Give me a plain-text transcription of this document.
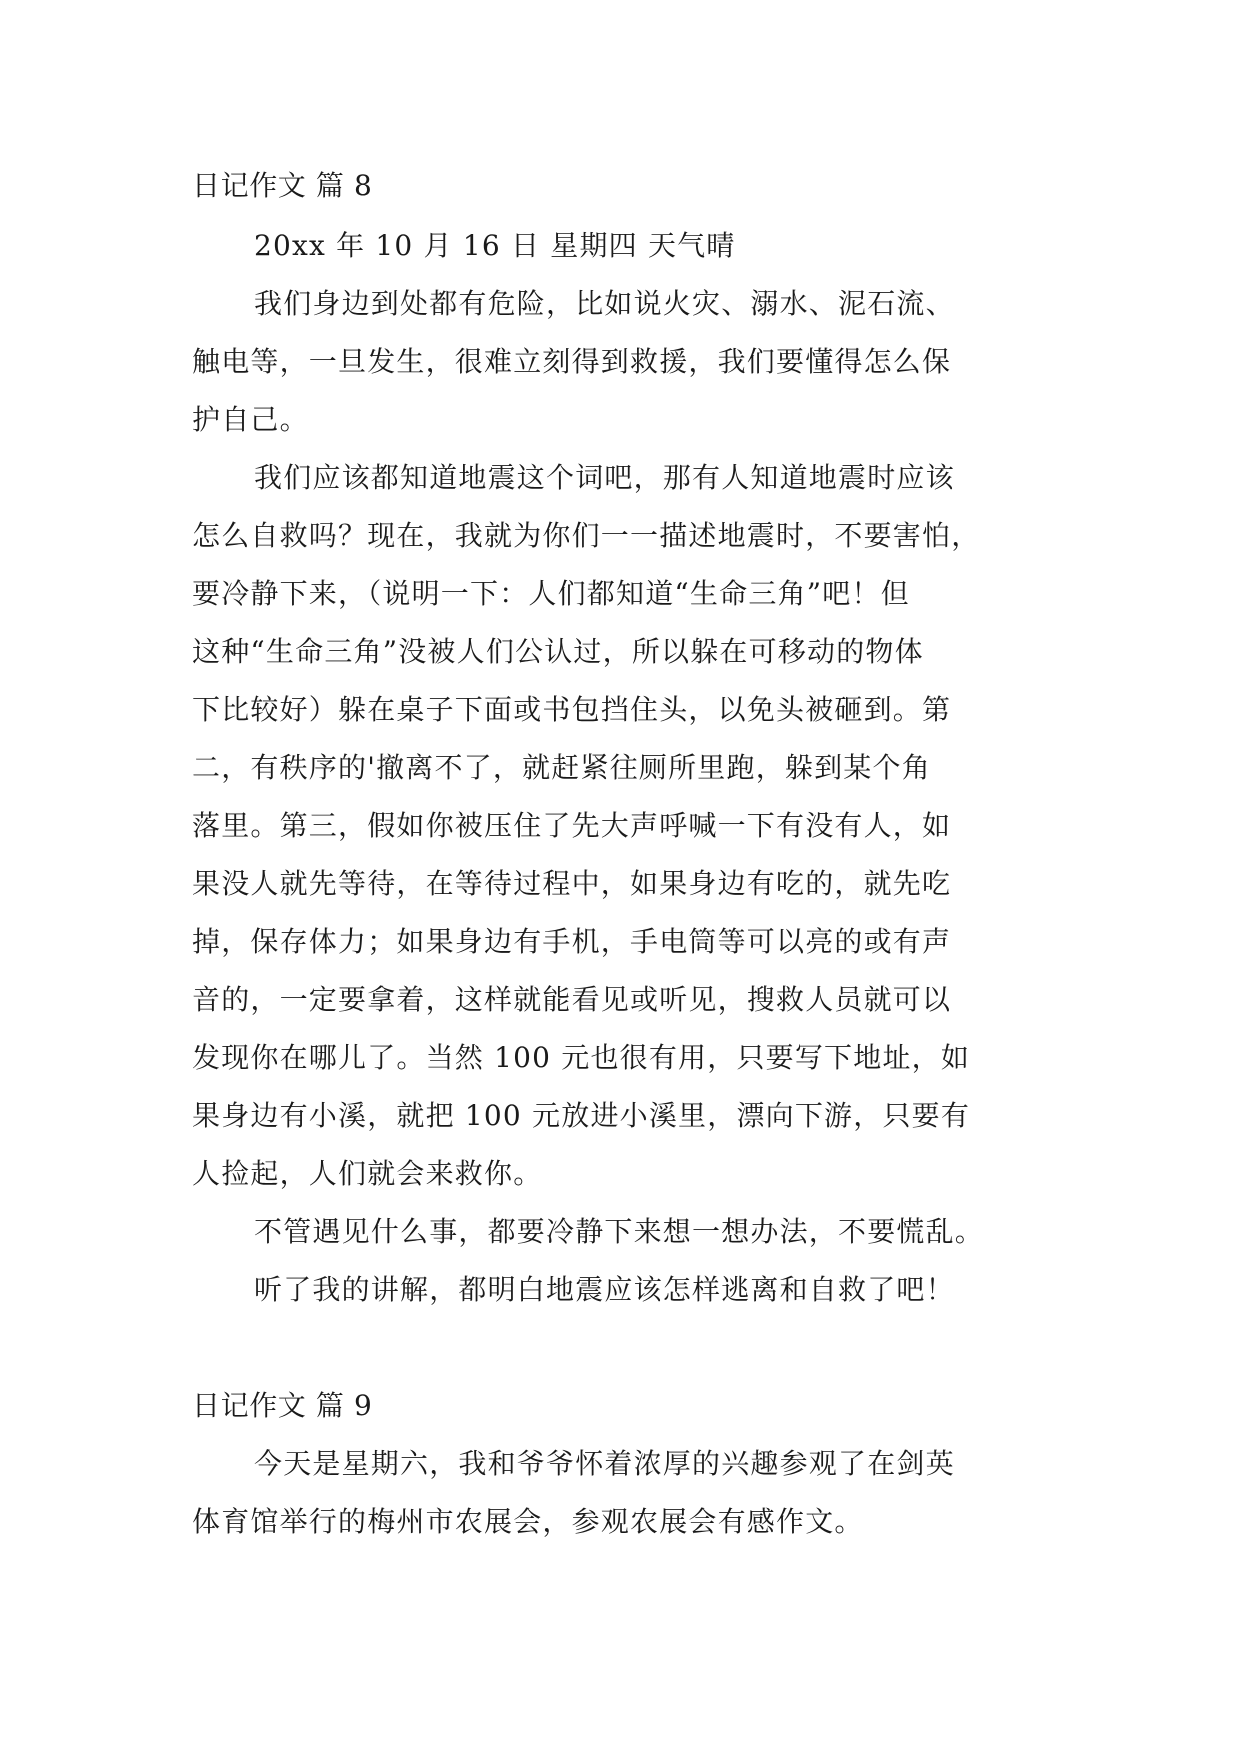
日记作文 篇 8
20xx 年 10 月 16 日 星期四 天气晴
我们身边到处都有危险，比如说火灾、溺水、泥石流、
触电等，一旦发生，很难立刻得到救援，我们要懂得怎么保
护自己。
我们应该都知道地震这个词吧，那有人知道地震时应该
怎么自救吗？现在，我就为你们一一描述地震时，不要害怕，
要冷静下来，（说明一下：人们都知道“生命三角”吧！但
这种“生命三角”没被人们公认过，所以躲在可移动的物体
下比较好）躲在桌子下面或书包挡住头，以免头被砸到。第
二，有秩序的'撤离不了，就赶紧往厕所里跑，躲到某个角
落里。第三，假如你被压住了先大声呼喊一下有没有人，如
果没人就先等待，在等待过程中，如果身边有吃的，就先吃
掉，保存体力；如果身边有手机，手电筒等可以亮的或有声
音的，一定要拿着，这样就能看见或听见，搜救人员就可以
发现你在哪儿了。当然 100 元也很有用，只要写下地址，如
果身边有小溪，就把 100 元放进小溪里，漂向下游，只要有
人捡起，人们就会来救你。
不管遇见什么事，都要冷静下来想一想办法，不要慌乱。
听了我的讲解，都明白地震应该怎样逃离和自救了吧！
日记作文 篇 9
今天是星期六，我和爷爷怀着浓厚的兴趣参观了在剑英
体育馆举行的梅州市农展会，参观农展会有感作文。
